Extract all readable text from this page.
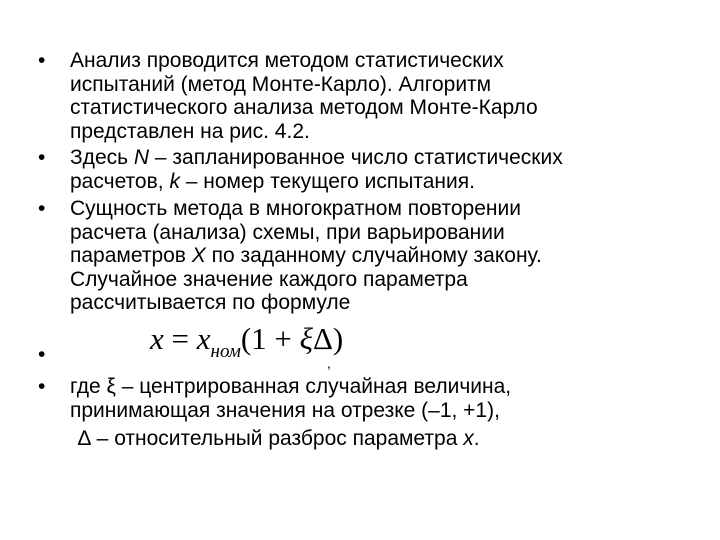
• Анализ проводится методом статистических
испытаний (метод Монте-Карло). Алгоритм
статистического анализа методом Монте-Карло
представлен на рис. 4.2.
• Здесь N – запланированное число статистических
расчетов, k – номер текущего испытания.
• Сущность метода в многократном повторении
расчета (анализа) схемы, при варьировании
параметров X по заданному случайному закону.
Случайное значение каждого параметра
рассчитывается по формуле
•	$x = x_{ном}(1 + \xi\Delta)$
,
• где ξ – центрированная случайная величина,
принимающая значения на отрезке (–1, +1),
∆ – относительный разброс параметра x.
